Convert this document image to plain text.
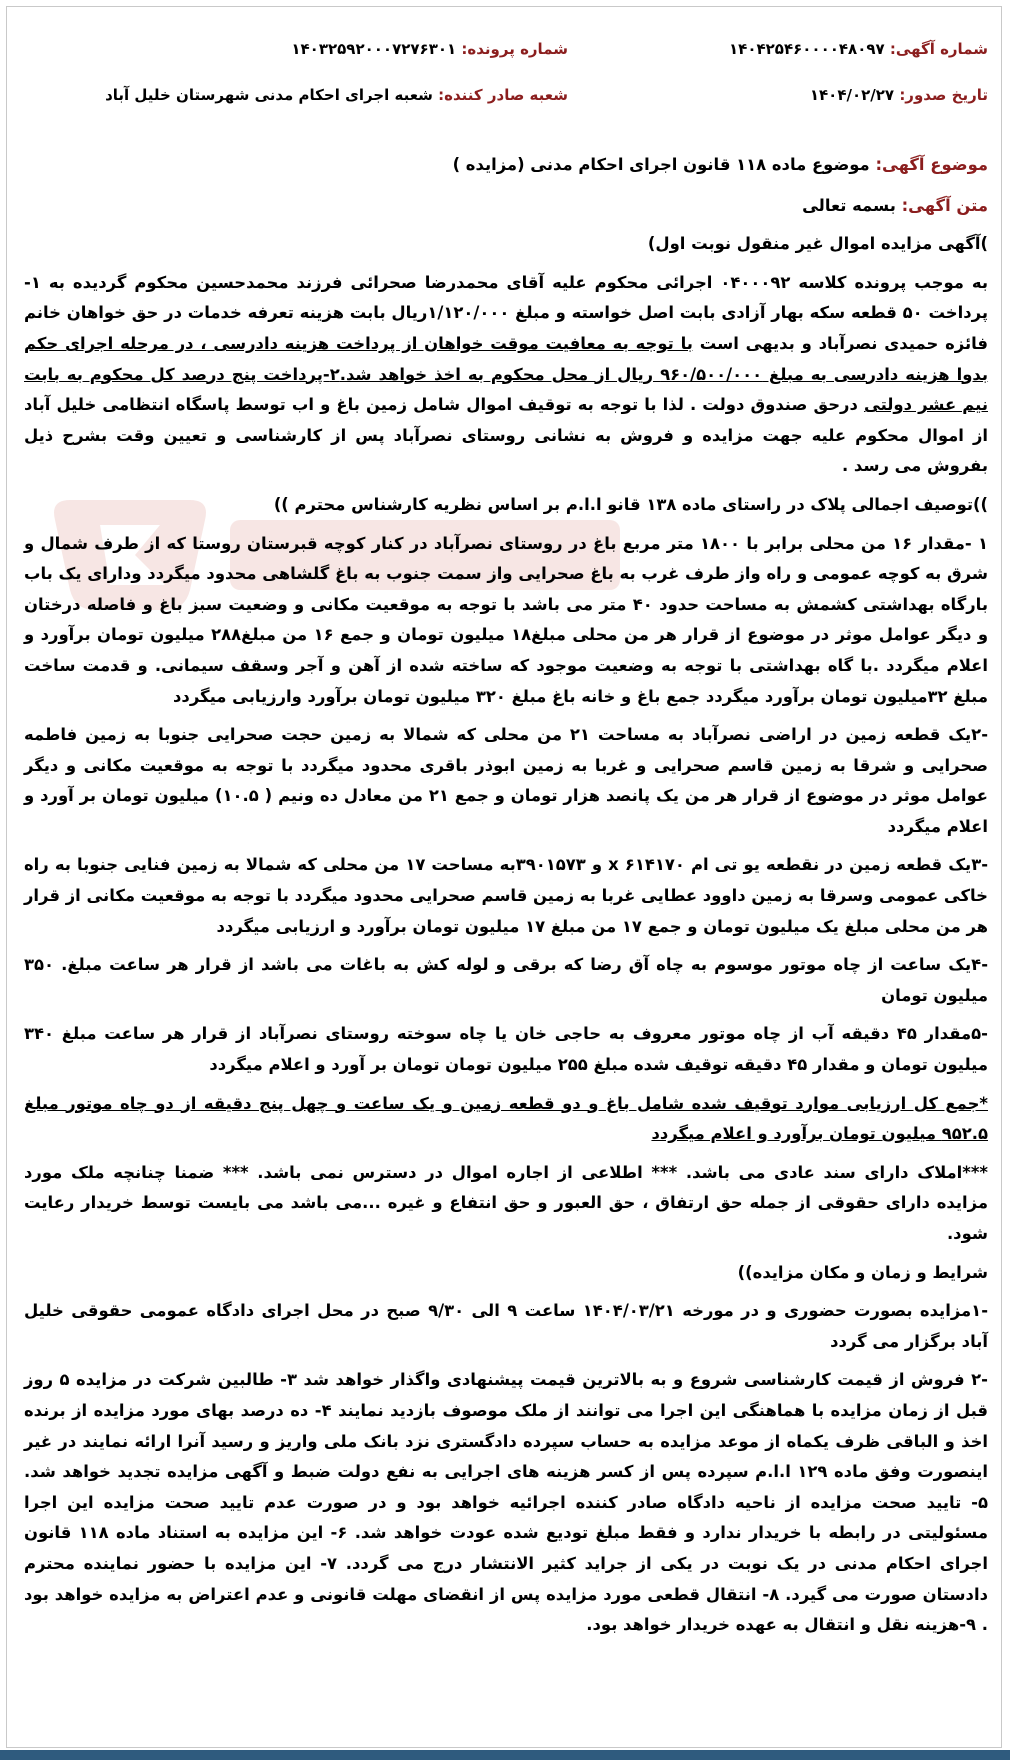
شماره آگهی: ۱۴۰۴۲۵۴۶۰۰۰۰۴۸۰۹۷
شماره پرونده: ۱۴۰۳۲۵۹۲۰۰۰۷۲۷۶۳۰۱
تاریخ صدور: ۱۴۰۴/۰۲/۲۷
شعبه صادر کننده: شعبه اجرای احکام مدنی شهرستان خلیل آباد

موضوع آگهی: موضوع ماده ۱۱۸ قانون اجرای احکام مدنی (مزایده )

متن آگهی: بسمه تعالی

)آگهی مزایده اموال غیر منقول نوبت اول)

به موجب پرونده کلاسه ۰۴۰۰۰۹۲ اجرائی محکوم علیه آقای محمدرضا صحرائی فرزند محمدحسین محکوم گردیده به ۱-پرداخت ۵۰ قطعه سکه بهار آزادی بابت اصل خواسته و مبلغ ۱/۱۲۰/۰۰۰ریال بابت هزینه تعرفه خدمات در حق خواهان خانم فائزه حمیدی نصرآباد و بدیهی است با توجه به معافیت موقت خواهان از پرداخت هزینه دادرسی ، در مرحله اجرای حکم بدوا هزینه دادرسی به مبلغ ۹۶۰/۵۰۰/۰۰۰ ریال از محل محکوم به اخذ خواهد شد.۲-پرداخت پنج درصد کل محکوم به بابت نیم عشر دولتی درحق صندوق دولت . لذا با توجه به توقیف اموال شامل زمین باغ و اب توسط پاسگاه انتظامی خلیل آباد از اموال محکوم علیه جهت مزایده و فروش به نشانی روستای نصرآباد پس از کارشناسی و تعیین وقت بشرح ذیل بفروش می رسد .

))توصیف اجمالی پلاک در راستای ماده ۱۳۸ قانو ا.ا.م بر اساس نظریه کارشناس محترم ))

۱ -مقدار ۱۶ من محلی برابر با ۱۸۰۰ متر مربع باغ در روستای نصرآباد در کنار کوچه قبرستان روستا که از طرف شمال و شرق به کوچه عمومی و راه واز طرف غرب به باغ صحرایی واز سمت جنوب به باغ گلشاهی محدود میگردد ودارای یک باب بارگاه بهداشتی کشمش به مساحت حدود ۴۰ متر می باشد با توجه به موقعیت مکانی و وضعیت سبز باغ و فاصله درختان و دیگر عوامل موثر در موضوع از قرار هر من محلی مبلغ۱۸ میلیون تومان و جمع ۱۶ من مبلغ۲۸۸ میلیون تومان برآورد و اعلام میگردد .با گاه بهداشتی با توجه به وضعیت موجود که ساخته شده از آهن و آجر وسقف سیمانی. و قدمت ساخت مبلغ ۳۲میلیون تومان برآورد میگردد جمع باغ و خانه باغ مبلغ ۳۲۰ میلیون تومان برآورد وارزیابی میگردد

-۲یک قطعه زمین در اراضی نصرآباد به مساحت ۲۱ من محلی که شمالا به زمین حجت صحرایی جنوبا به زمین فاطمه صحرایی و شرقا به زمین قاسم صحرایی و غربا به زمین ابوذر باقری محدود میگردد با توجه به موقعیت مکانی و دیگر عوامل موثر در موضوع از قرار هر من یک پانصد هزار تومان و جمع ۲۱ من معادل ده ونیم ( ۱۰.۵) میلیون تومان بر آورد و اعلام میگردد

-۳یک قطعه زمین در نقطعه یو تی ام ۶۱۴۱۷۰ x و ۳۹۰۱۵۷۳به مساحت ۱۷ من محلی که شمالا به زمین فنایی جنوبا به راه خاکی عمومی وسرقا به زمین داوود عطایی غربا به زمین قاسم صحرایی محدود میگردد با توجه به موقعیت مکانی از قرار هر من محلی مبلغ یک میلیون تومان و جمع ۱۷ من مبلغ ۱۷ میلیون تومان برآورد و ارزیابی میگردد

-۴یک ساعت از چاه موتور موسوم به چاه آق رضا که برقی و لوله کش به باغات می باشد از قرار هر ساعت مبلغ. ۳۵۰ میلیون تومان

-۵مقدار ۴۵ دقیقه آب از چاه موتور معروف به حاجی خان یا چاه سوخته روستای نصرآباد از قرار هر ساعت مبلغ ۳۴۰ میلیون تومان و مقدار ۴۵ دقیقه توقیف شده مبلغ ۲۵۵ میلیون تومان تومان بر آورد و اعلام میگردد

*جمع کل ارزیابی موارد توقیف شده شامل باغ و دو قطعه زمین و یک ساعت و چهل پنج دقیقه از دو چاه موتور مبلغ ۹۵۲.۵ میلیون تومان برآورد و اعلام میگردد

***املاک دارای سند عادی می باشد. *** اطلاعی از اجاره اموال در دسترس نمی باشد. *** ضمنا چنانچه ملک مورد مزایده دارای حقوقی از جمله حق ارتفاق ، حق العبور و حق انتفاع و غیره ...می باشد می بایست توسط خریدار رعایت شود.

شرایط و زمان و مکان مزایده))

-۱مزایده بصورت حضوری و در مورخه ۱۴۰۴/۰۳/۲۱ ساعت ۹ الی ۹/۳۰ صبح در محل اجرای دادگاه عمومی حقوقی خلیل آباد برگزار می گردد

-۲ فروش از قیمت کارشناسی شروع و به بالاترین قیمت پیشنهادی واگذار خواهد شد ۳- طالبین شرکت در مزایده ۵ روز قبل از زمان مزایده با هماهنگی این اجرا می توانند از ملک موصوف بازدید نمایند ۴- ده درصد بهای مورد مزایده از برنده اخذ و الباقی ظرف یکماه از موعد مزایده به حساب سپرده دادگستری نزد بانک ملی واریز و رسید آنرا ارائه نمایند در غیر اینصورت وفق ماده ۱۲۹ ا.ا.م سپرده پس از کسر هزینه های اجرایی به نفع دولت ضبط و آگهی مزایده تجدید خواهد شد. ۵- تایید صحت مزایده از ناحیه دادگاه صادر کننده اجرائیه خواهد بود و در صورت عدم تایید صحت مزایده این اجرا مسئولیتی در رابطه با خریدار ندارد و فقط مبلغ تودیع شده عودت خواهد شد. ۶- این مزایده به استناد ماده ۱۱۸ قانون اجرای احکام مدنی در یک نوبت در یکی از جراید کثیر الانتشار درج می گردد. ۷- این مزایده با حضور نماینده محترم دادستان صورت می گیرد. ۸- انتقال قطعی مورد مزایده پس از انقضای مهلت قانونی و عدم اعتراض به مزایده خواهد بود . ۹-هزینه نقل و انتقال به عهده خریدار خواهد بود.
